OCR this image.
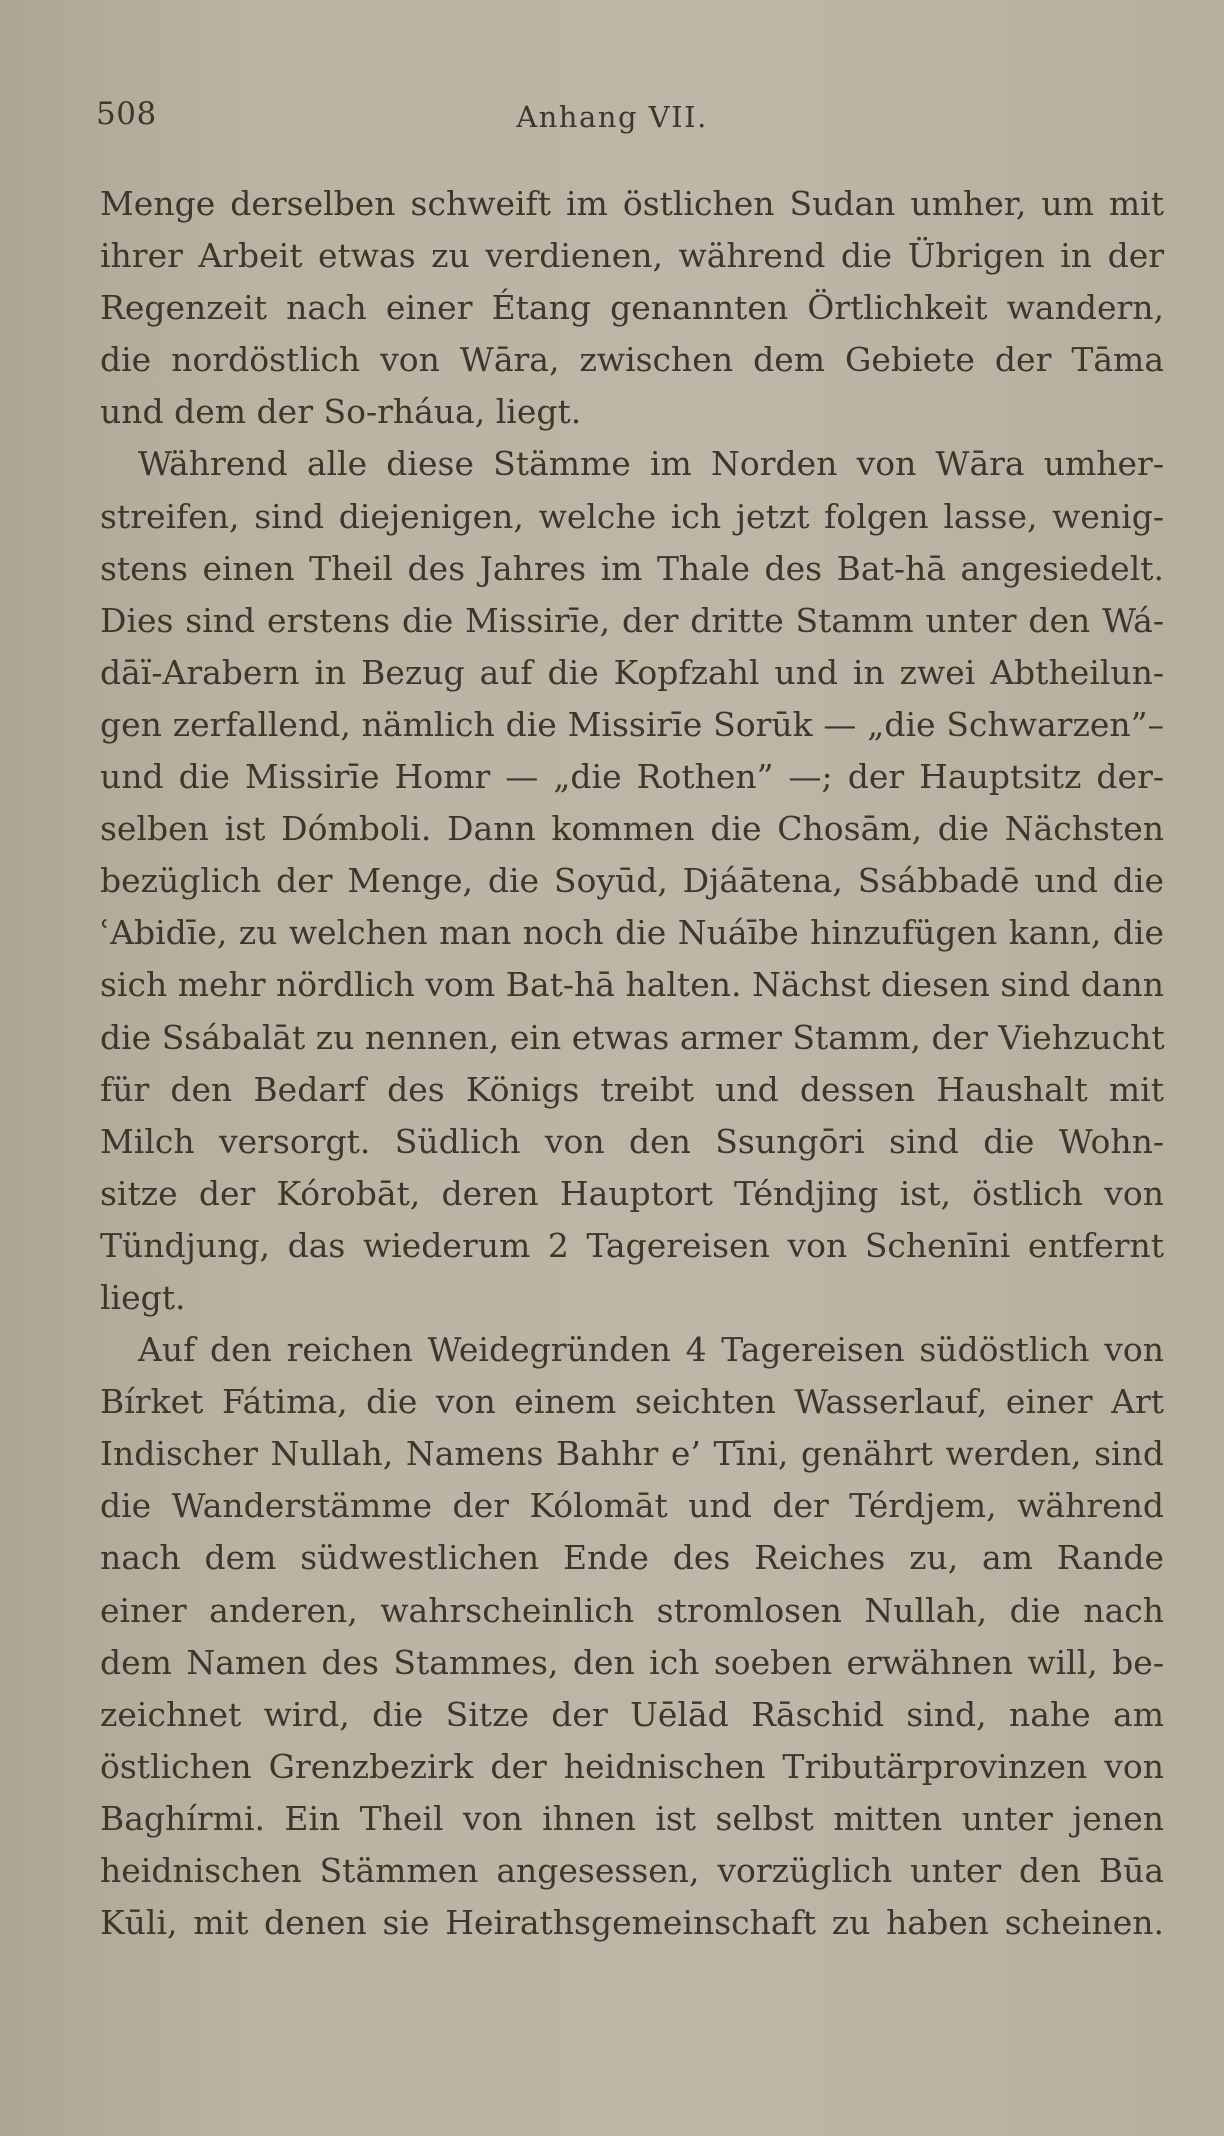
508	Anhang VII.
Menge derselben schweift im östlichen Sudan umher, um mit
ihrer Arbeit etwas zu verdienen, während die Übrigen in der
Regenzeit nach einer Étang genannten Örtlichkeit wandern,
die nordöstlich von Wāra, zwischen dem Gebiete der Tāma
und dem der So-rháua, liegt.
Während alle diese Stämme im Norden von Wāra umher-
streifen, sind diejenigen, welche ich jetzt folgen lasse, wenig-
stens einen Theil des Jahres im Thale des Bat-hā angesiedelt.
Dies sind erstens die Missirīe, der dritte Stamm unter den Wá-
dāï-Arabern in Bezug auf die Kopfzahl und in zwei Abtheilun-
gen zerfallend, nämlich die Missirīe Sorūk — „die Schwarzen”–
und die Missirīe Homr — „die Rothen” —; der Hauptsitz der-
selben ist Dómboli. Dann kommen die Chosām, die Nächsten
bezüglich der Menge, die Soyūd, Djáātena, Ssábbadē und die
ʿAbidīe, zu welchen man noch die Nuáībe hinzufügen kann, die
sich mehr nördlich vom Bat-hā halten. Nächst diesen sind dann
die Ssábalāt zu nennen, ein etwas armer Stamm, der Viehzucht
für den Bedarf des Königs treibt und dessen Haushalt mit
Milch versorgt. Südlich von den Ssungōri sind die Wohn-
sitze der Kórobāt, deren Hauptort Téndjing ist, östlich von
Tündjung, das wiederum 2 Tagereisen von Schenīni entfernt
liegt.
Auf den reichen Weidegründen 4 Tagereisen südöstlich von
Bírket Fátima, die von einem seichten Wasserlauf, einer Art
Indischer Nullah, Namens Bahhr e’ Tīni, genährt werden, sind
die Wanderstämme der Kólomāt und der Térdjem, während
nach dem südwestlichen Ende des Reiches zu, am Rande
einer anderen, wahrscheinlich stromlosen Nullah, die nach
dem Namen des Stammes, den ich soeben erwähnen will, be-
zeichnet wird, die Sitze der Uēlād Rāschid sind, nahe am
östlichen Grenzbezirk der heidnischen Tributärprovinzen von
Baghírmi. Ein Theil von ihnen ist selbst mitten unter jenen
heidnischen Stämmen angesessen, vorzüglich unter den Būa
Kūli, mit denen sie Heirathsgemeinschaft zu haben scheinen.
